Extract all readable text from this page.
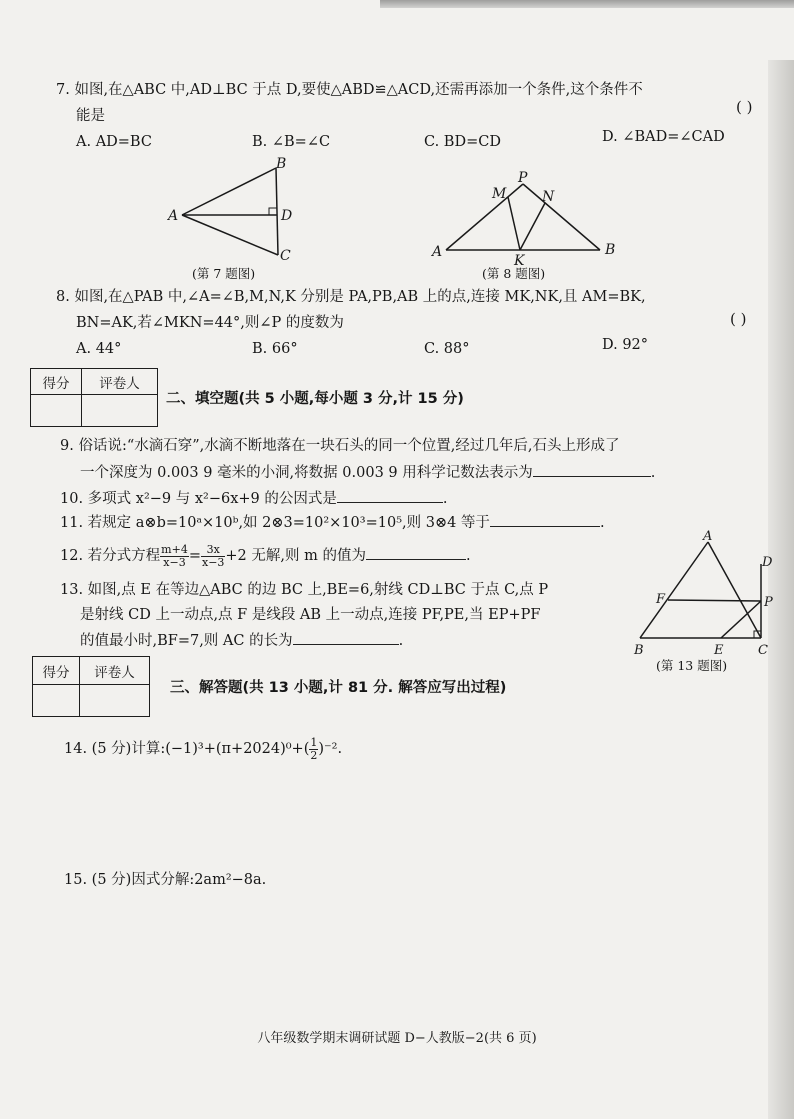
7. 如图,在△ABC 中,AD⊥BC 于点 D,要使△ABD≌△ACD,还需再添加一个条件,这个条件不
能是	( )
A. AD=BC	B. ∠B=∠C	C. BD=CD	D. ∠BAD=∠CAD
A
B
D
C
(第 7 题图)
P
M	N
A	B
K
(第 8 题图)
8. 如图,在△PAB 中,∠A=∠B,M,N,K 分别是 PA,PB,AB 上的点,连接 MK,NK,且 AM=BK,
BN=AK,若∠MKN=44°,则∠P 的度数为	( )
A. 44°	B. 66°	C. 88°	D. 92°
得分	评卷人

二、填空题(共 5 小题,每小题 3 分,计 15 分)
9. 俗话说:“水滴石穿”,水滴不断地落在一块石头的同一个位置,经过几年后,石头上形成了
一个深度为 0.003 9 毫米的小洞,将数据 0.003 9 用科学记数法表示为	.
10. 多项式 x²−9 与 x²−6x+9 的公因式是	.
11. 若规定 a⊗b=10ᵃ×10ᵇ,如 2⊗3=10²×10³=10⁵,则 3⊗4 等于	.
12. 若分式方程 $\frac{m+4}{x-3} = \frac{3x}{x-3} +2$ 无解,则 m 的值为	.
13. 如图,点 E 在等边△ABC 的边 BC 上,BE=6,射线 CD⊥BC 于点 C,点 P
是射线 CD 上一动点,点 F 是线段 AB 上一动点,连接 PF,PE,当 EP+PF
的值最小时,BF=7,则 AC 的长为	.
A
D
F	P
B	E	C
(第 13 题图)
得分	评卷人

三、解答题(共 13 小题,计 81 分. 解答应写出过程)
14. (5 分)计算:(−1)³+(π+2024)⁰+( $\frac{1}{2} )^{-2}$.
15. (5 分)因式分解:2am²−8a.
八年级数学期末调研试题 D−人教版−2(共 6 页)
